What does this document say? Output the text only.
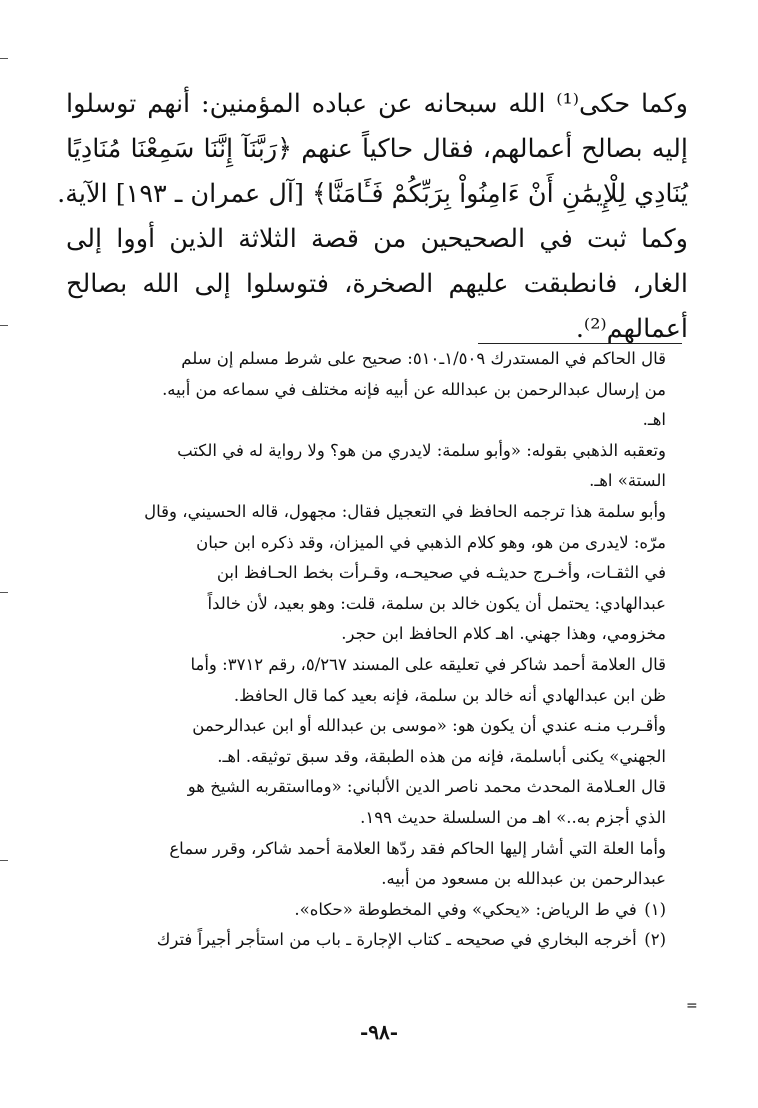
وكما حكى⁽¹⁾ الله سبحانه عن عباده المؤمنين: أنهم توسلوا
إليه بصالح أعمالهم، فقال حاكياً عنهم ﴿رَبَّنَآ إِنَّنَا سَمِعْنَا مُنَادِيًا
يُنَادِي لِلْإِيمَٰنِ أَنْ ءَامِنُواْ بِرَبِّكُمْ فَـَٔامَنَّا﴾ [آل عمران ـ ١٩٣] الآية.
وكما ثبت في الصحيحين من قصة الثلاثة الذين أووا إلى
الغار، فانطبقت عليهم الصخرة، فتوسلوا إلى الله بصالح
أعمالهم⁽²⁾.
قال الحاكم في المستدرك ١/٥٠٩ـ٥١٠: صحيح على شرط مسلم إن سلم
من إرسال عبدالرحمن بن عبدالله عن أبيه فإنه مختلف في سماعه من أبيه.
اهـ.
وتعقبه الذهبي بقوله: «وأبو سلمة: لايدري من هو؟ ولا رواية له في الكتب
الستة» اهـ.
وأبو سلمة هذا ترجمه الحافظ في التعجيل فقال: مجهول، قاله الحسيني، وقال
مرّه: لايدرى من هو، وهو كلام الذهبي في الميزان، وقد ذكره ابن حبان
في الثقـات، وأخـرج حديثـه في صحيحـه، وقـرأت بخط الحـافظ ابن
عبدالهادي: يحتمل أن يكون خالد بن سلمة، قلت: وهو بعيد، لأن خالداً
مخزومي، وهذا جهني. اهـ كلام الحافظ ابن حجر.
قال العلامة أحمد شاكر في تعليقه على المسند ٥/٢٦٧، رقم ٣٧١٢: وأما
ظن ابن عبدالهادي أنه خالد بن سلمة، فإنه بعيد كما قال الحافظ.
وأقـرب منـه عندي أن يكون هو: «موسى بن عبدالله أو ابن عبدالرحمن
الجهني» يكنى أباسلمة، فإنه من هذه الطبقة، وقد سبق توثيقه. اهـ.
قال العـلامة المحدث محمد ناصر الدين الألباني: «ومااستقربه الشيخ هو
الذي أجزم به..» اهـ من السلسلة حديث ١٩٩.
وأما العلة التي أشار إليها الحاكم فقد ردّها العلامة أحمد شاكر، وقرر سماع
عبدالرحمن بن عبدالله بن مسعود من أبيه.
(١) في ط الرياض: «يحكي» وفي المخطوطة «حكاه».
(٢) أخرجه البخاري في صحيحه ـ كتاب الإجارة ـ باب من استأجر أجيراً فترك
=
-٩٨-
